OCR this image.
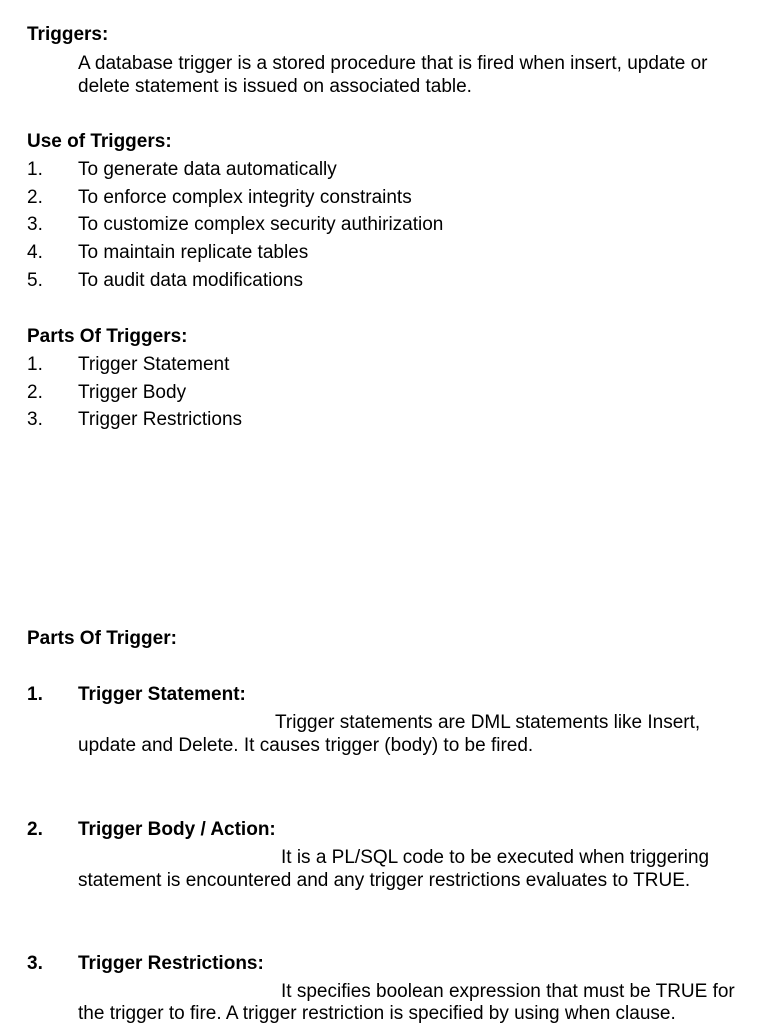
Triggers:
A database trigger is a stored procedure that is fired when insert, update or
delete statement is issued on associated table.
Use of Triggers:
1. To generate data automatically
2. To enforce complex integrity constraints
3. To customize complex security authirization
4. To maintain replicate tables
5. To audit data modifications
Parts Of Triggers:
1. Trigger Statement
2. Trigger Body
3. Trigger Restrictions
Parts Of Trigger:
1. Trigger Statement:
Trigger statements are DML statements like Insert,
update and Delete. It causes trigger (body) to be fired.
2. Trigger Body / Action:
It is a PL/SQL code to be executed when triggering
statement is encountered and any trigger restrictions evaluates to TRUE.
3. Trigger Restrictions:
It specifies boolean expression that must be TRUE for
the trigger to fire. A trigger restriction is specified by using when clause.
